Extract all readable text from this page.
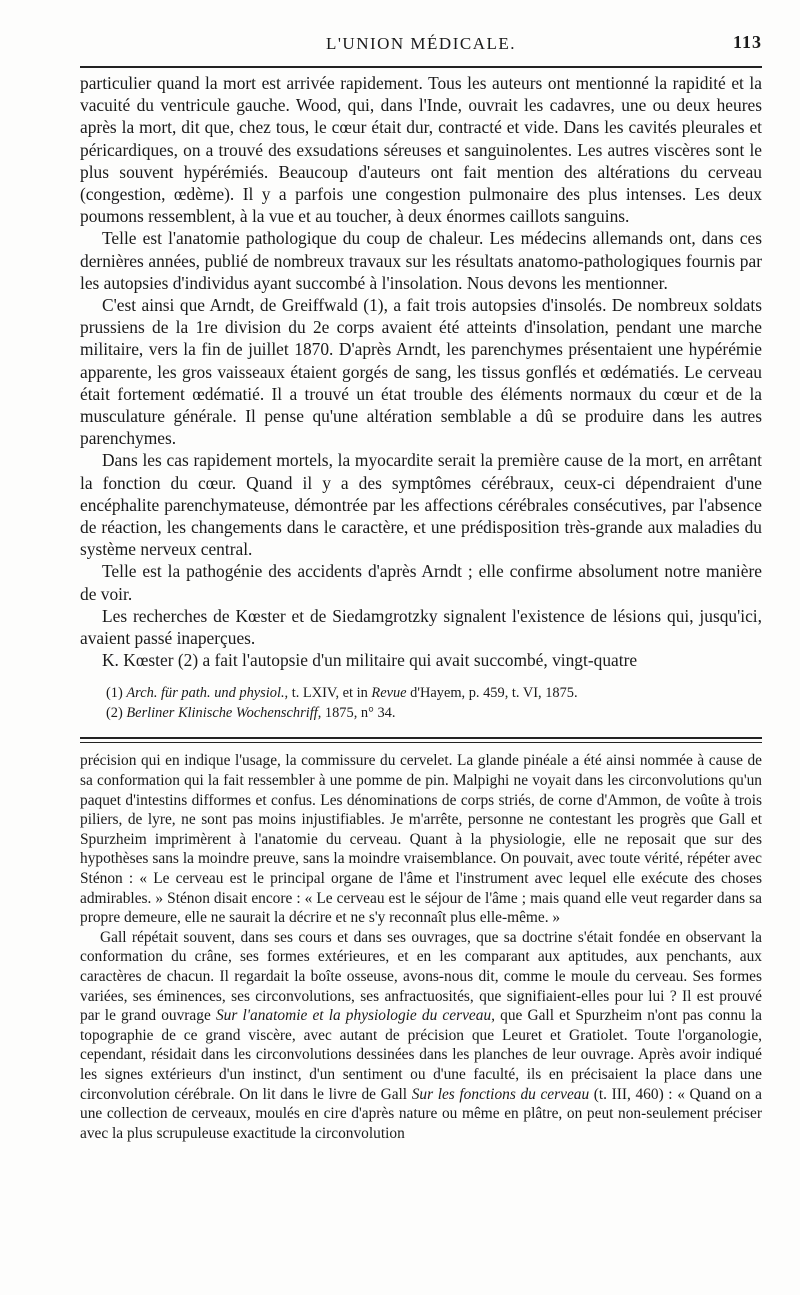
L'UNION MÉDICALE.	113

particulier quand la mort est arrivée rapidement. Tous les auteurs ont mentionné la rapidité et la vacuité du ventricule gauche. Wood, qui, dans l'Inde, ouvrait les cadavres, une ou deux heures après la mort, dit que, chez tous, le cœur était dur, contracté et vide. Dans les cavités pleurales et péricardiques, on a trouvé des exsudations séreuses et sanguinolentes. Les autres viscères sont le plus souvent hypérémiés. Beaucoup d'auteurs ont fait mention des altérations du cerveau (congestion, œdème). Il y a parfois une congestion pulmonaire des plus intenses. Les deux poumons ressemblent, à la vue et au toucher, à deux énormes caillots sanguins.

Telle est l'anatomie pathologique du coup de chaleur. Les médecins allemands ont, dans ces dernières années, publié de nombreux travaux sur les résultats anatomo-pathologiques fournis par les autopsies d'individus ayant succombé à l'insolation. Nous devons les mentionner.

C'est ainsi que Arndt, de Greiffwald (1), a fait trois autopsies d'insolés. De nombreux soldats prussiens de la 1re division du 2e corps avaient été atteints d'insolation, pendant une marche militaire, vers la fin de juillet 1870. D'après Arndt, les parenchymes présentaient une hypérémie apparente, les gros vaisseaux étaient gorgés de sang, les tissus gonflés et œdématiés. Le cerveau était fortement œdématié. Il a trouvé un état trouble des éléments normaux du cœur et de la musculature générale. Il pense qu'une altération semblable a dû se produire dans les autres parenchymes.

Dans les cas rapidement mortels, la myocardite serait la première cause de la mort, en arrêtant la fonction du cœur. Quand il y a des symptômes cérébraux, ceux-ci dépendraient d'une encéphalite parenchymateuse, démontrée par les affections cérébrales consécutives, par l'absence de réaction, les changements dans le caractère, et une prédisposition très-grande aux maladies du système nerveux central.

Telle est la pathogénie des accidents d'après Arndt ; elle confirme absolument notre manière de voir.

Les recherches de Kœster et de Siedamgrotzky signalent l'existence de lésions qui, jusqu'ici, avaient passé inaperçues.

K. Kœster (2) a fait l'autopsie d'un militaire qui avait succombé, vingt-quatre

(1) Arch. für path. und physiol., t. LXIV, et in Revue d'Hayem, p. 459, t. VI, 1875.

(2) Berliner Klinische Wochenschriff, 1875, n° 34.

précision qui en indique l'usage, la commissure du cervelet. La glande pinéale a été ainsi nommée à cause de sa conformation qui la fait ressembler à une pomme de pin. Malpighi ne voyait dans les circonvolutions qu'un paquet d'intestins difformes et confus. Les dénominations de corps striés, de corne d'Ammon, de voûte à trois piliers, de lyre, ne sont pas moins injustifiables. Je m'arrête, personne ne contestant les progrès que Gall et Spurzheim imprimèrent à l'anatomie du cerveau. Quant à la physiologie, elle ne reposait que sur des hypothèses sans la moindre preuve, sans la moindre vraisemblance. On pouvait, avec toute vérité, répéter avec Sténon : « Le cerveau est le principal organe de l'âme et l'instrument avec lequel elle exécute des choses admirables. » Sténon disait encore : « Le cerveau est le séjour de l'âme ; mais quand elle veut regarder dans sa propre demeure, elle ne saurait la décrire et ne s'y reconnaît plus elle-même. »

Gall répétait souvent, dans ses cours et dans ses ouvrages, que sa doctrine s'était fondée en observant la conformation du crâne, ses formes extérieures, et en les comparant aux aptitudes, aux penchants, aux caractères de chacun. Il regardait la boîte osseuse, avons-nous dit, comme le moule du cerveau. Ses formes variées, ses éminences, ses circonvolutions, ses anfractuosités, que signifiaient-elles pour lui ? Il est prouvé par le grand ouvrage Sur l'anatomie et la physiologie du cerveau, que Gall et Spurzheim n'ont pas connu la topographie de ce grand viscère, avec autant de précision que Leuret et Gratiolet. Toute l'organologie, cependant, résidait dans les circonvolutions dessinées dans les planches de leur ouvrage. Après avoir indiqué les signes extérieurs d'un instinct, d'un sentiment ou d'une faculté, ils en précisaient la place dans une circonvolution cérébrale. On lit dans le livre de Gall Sur les fonctions du cerveau (t. III, 460) : « Quand on a une collection de cerveaux, moulés en cire d'après nature ou même en plâtre, on peut non-seulement préciser avec la plus scrupuleuse exactitude la circonvolution
